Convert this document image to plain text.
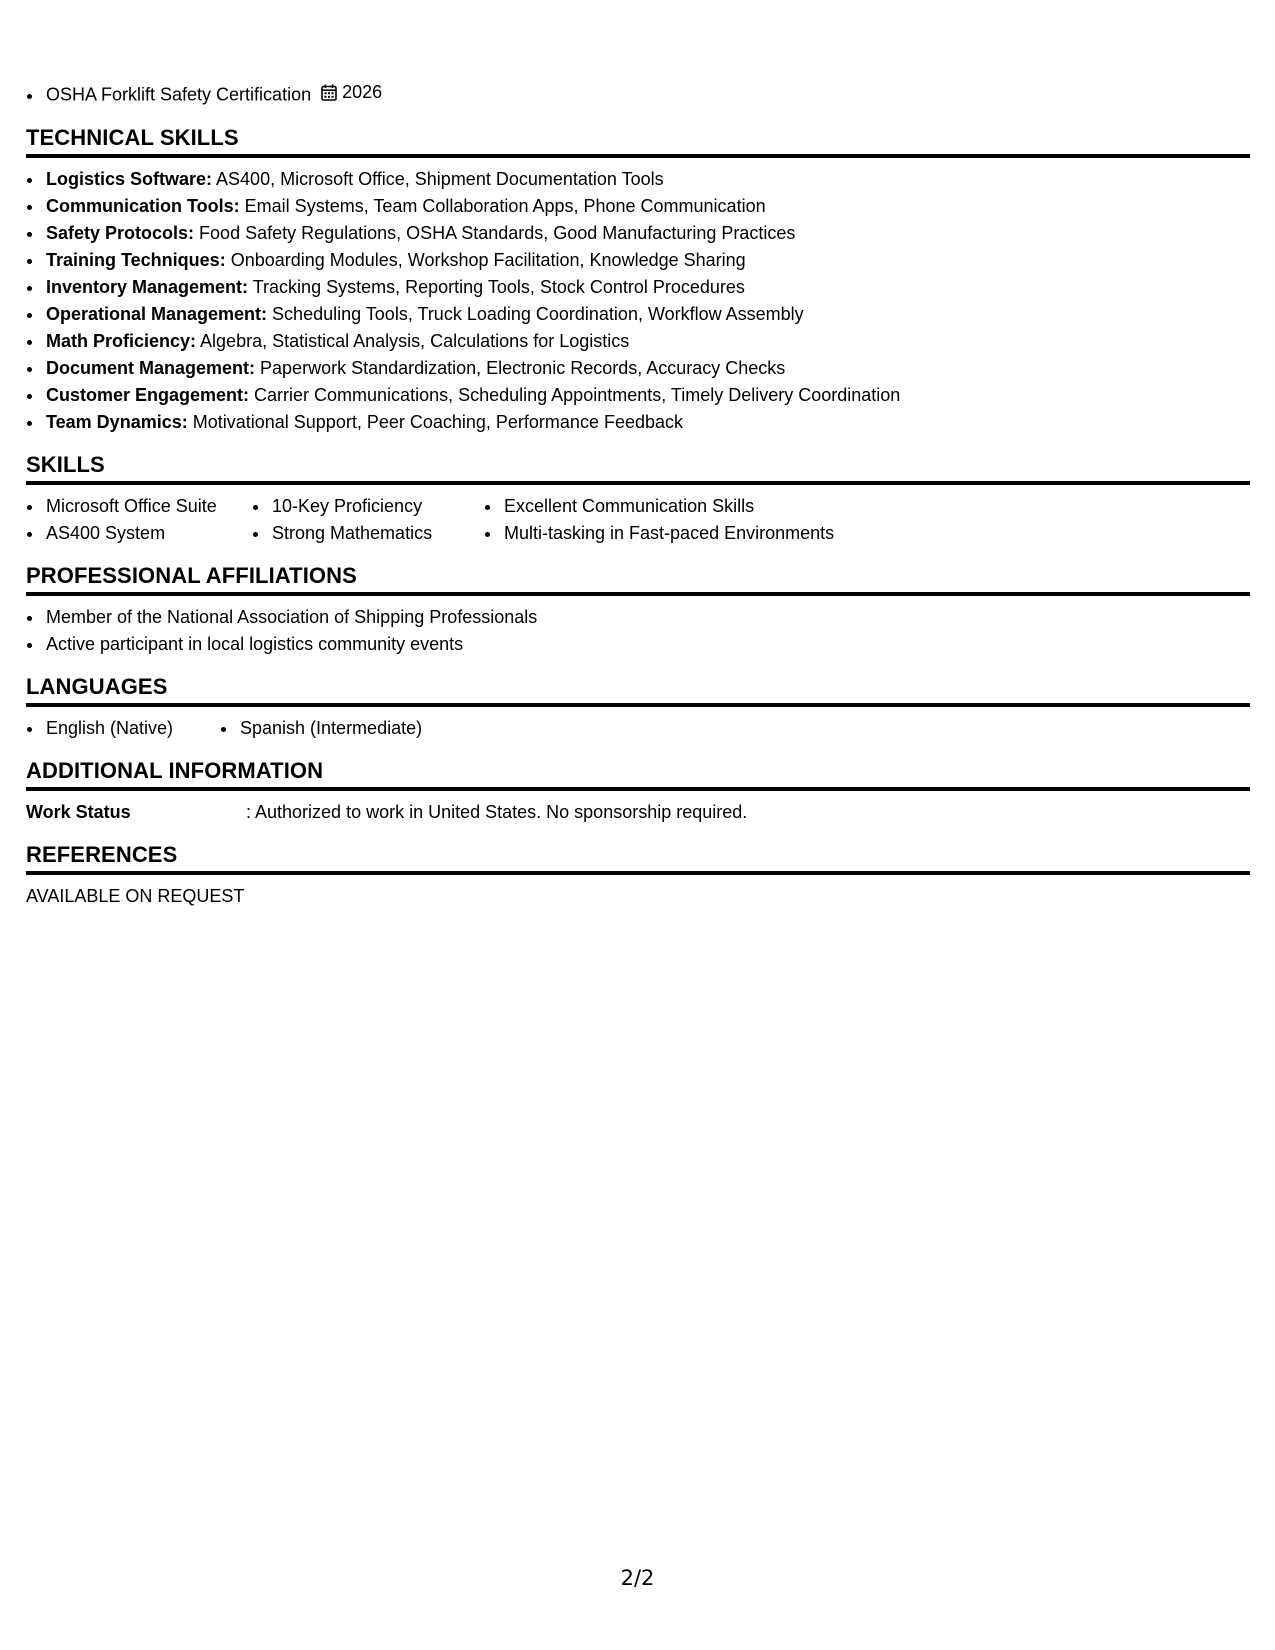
• OSHA Forklift Safety Certification 2026
TECHNICAL SKILLS
• Logistics Software: AS400, Microsoft Office, Shipment Documentation Tools
• Communication Tools: Email Systems, Team Collaboration Apps, Phone Communication
• Safety Protocols: Food Safety Regulations, OSHA Standards, Good Manufacturing Practices
• Training Techniques: Onboarding Modules, Workshop Facilitation, Knowledge Sharing
• Inventory Management: Tracking Systems, Reporting Tools, Stock Control Procedures
• Operational Management: Scheduling Tools, Truck Loading Coordination, Workflow Assembly
• Math Proficiency: Algebra, Statistical Analysis, Calculations for Logistics
• Document Management: Paperwork Standardization, Electronic Records, Accuracy Checks
• Customer Engagement: Carrier Communications, Scheduling Appointments, Timely Delivery Coordination
• Team Dynamics: Motivational Support, Peer Coaching, Performance Feedback
SKILLS
• Microsoft Office Suite
• AS400 System
• 10-Key Proficiency
• Strong Mathematics
• Excellent Communication Skills
• Multi-tasking in Fast-paced Environments
PROFESSIONAL AFFILIATIONS
• Member of the National Association of Shipping Professionals
• Active participant in local logistics community events
LANGUAGES
• English (Native)
•	Spanish (Intermediate)
ADDITIONAL INFORMATION
Work Status	: Authorized to work in United States. No sponsorship required.
REFERENCES
AVAILABLE ON REQUEST
2/2
